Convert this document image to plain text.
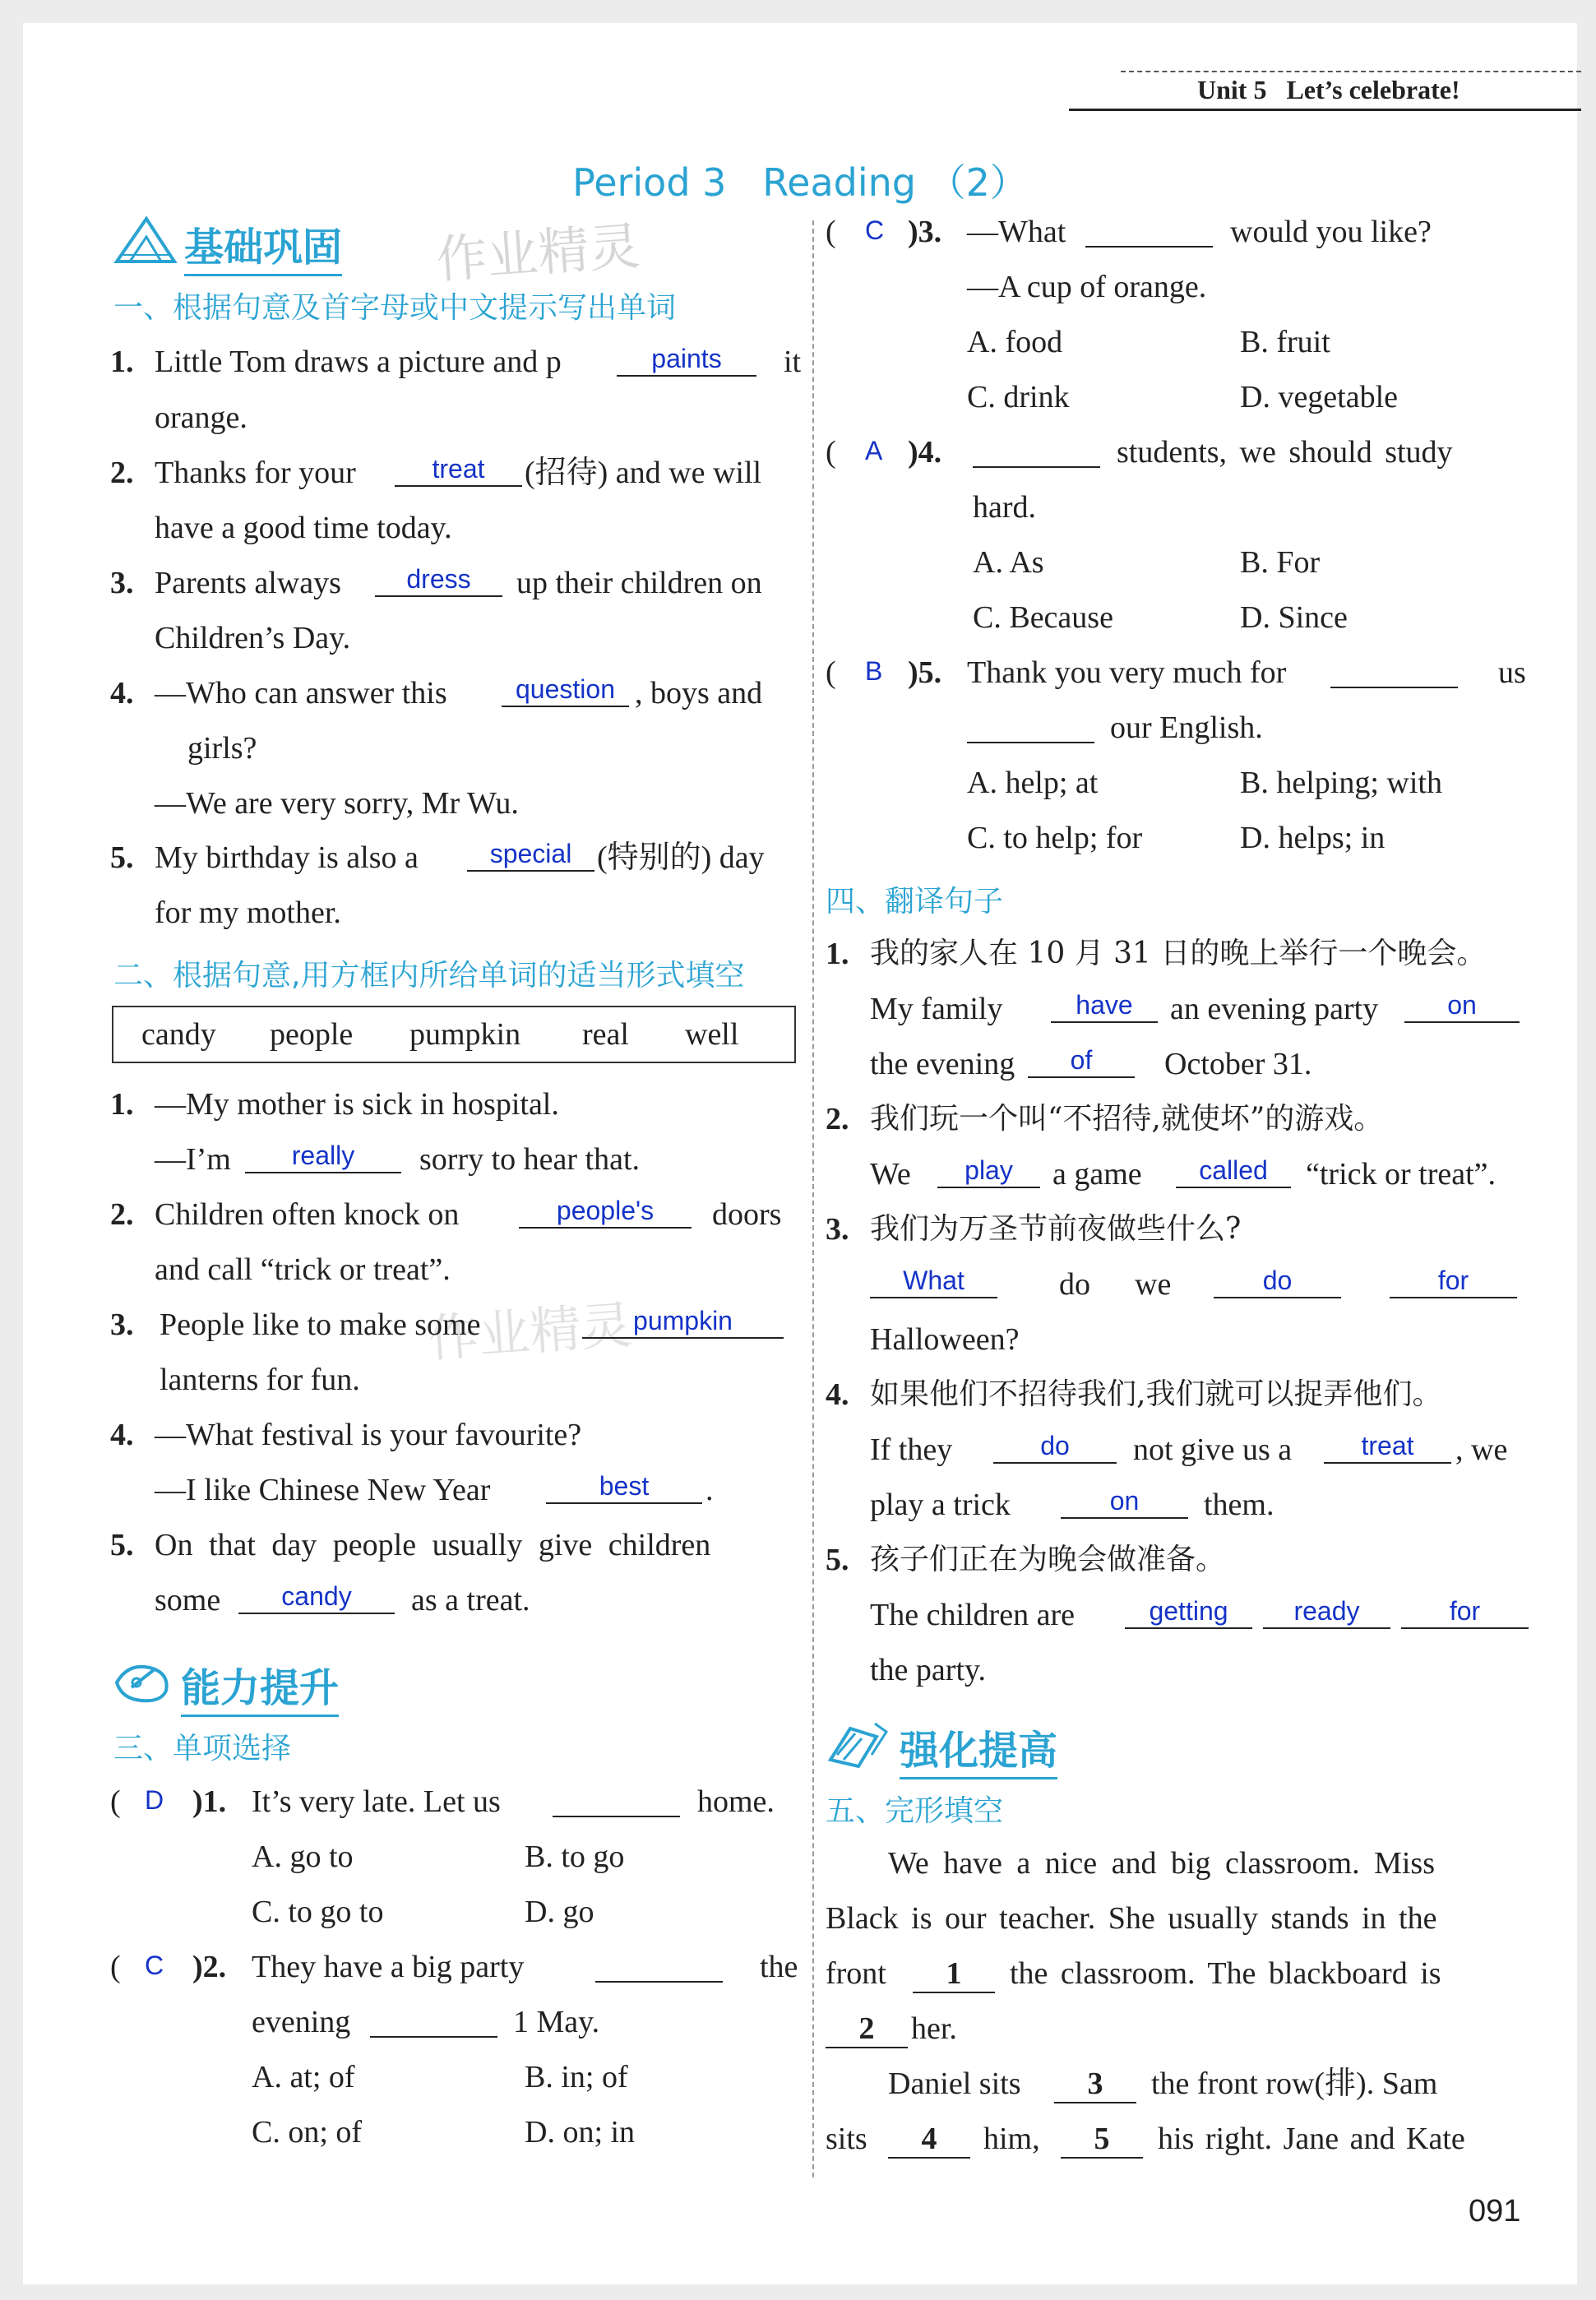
Unit 5 Let’s celebrate!
Period 3   Reading （2）
作业精灵
作业精灵
基础巩固
一、根据句意及首字母或中文提示写出单词
1. Little Tom draws a picture and p	paints	it
orange.
2. Thanks for your	treat	(招待) and we will
have a good time today.
3. Parents always	dress	up their children on
Children’s Day.
4. —Who can answer this	question , boys and
girls?
—We are very sorry, Mr Wu.
5. My birthday is also a	special (特别的) day
for my mother.
二、根据句意,用方框内所给单词的适当形式填空
candy people pumpkin real well
1. —My mother is sick in hospital.
—I’m	really	sorry to hear that.
2. Children often knock on	people's	doors
and call “trick or treat”.
3. People like to make some	pumpkin
lanterns for fun.
4. —What festival is your favourite?
—I like Chinese New Year	best	.
5. On that day people usually give children
some	candy	as a treat.
能力提升
三、单项选择
( D )1. It’s very late. Let us	home.
A. go to	B. to go
C. to go to	D. go
( C )2. They have a big party	the
evening	1 May.
A. at; of	B. in; of
C. on; of	D. on; in
( C )3. —What	would you like?
—A cup of orange.
A. food	B. fruit
C. drink	D. vegetable
( A )4.	students, we should study
hard.
A. As	B. For
C. Because	D. Since
( B )5. Thank you very much for	us
our English.
A. help; at	B. helping; with
C. to help; for	D. helps; in
四、翻译句子
1. 我的家人在 10 月 31 日的晚上举行一个晚会。
My family	have	an evening party	on
the evening	of	October 31.
2. 我们玩一个叫“不招待,就使坏”的游戏。
We	play	a game	called	“trick or treat”.
3. 我们为万圣节前夜做些什么?
What	do we	do	for
Halloween?
4. 如果他们不招待我们,我们就可以捉弄他们。
If they	do	not give us a	treat	, we
play a trick	on	them.
5. 孩子们正在为晚会做准备。
The children are	getting	ready	for
the party.
强化提高
五、完形填空
We have a nice and big classroom. Miss
Black is our teacher. She usually stands in the
front	1	the classroom. The blackboard is
2	her.
Daniel sits	3	the front row(排). Sam
sits	4	him,	5	his right. Jane and Kate
091
